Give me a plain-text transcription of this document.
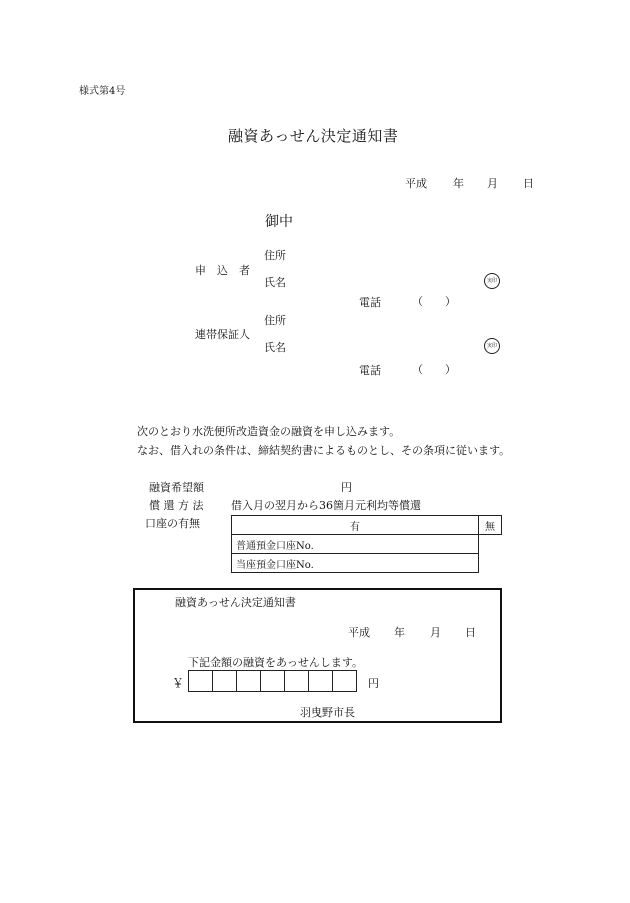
様式第4号
融資あっせん決定通知書
平成 年 月 日
御中
申　込　者
住所
氏名	実印
電話	（　　）
連帯保証人
住所
氏名	実印
電話	（　　）
次のとおり水洗便所改造資金の融資を申し込みます。
なお、借入れの条件は、締結契約書によるものとし、その条項に従います。
融資希望額	円
償 還 方 法	借入月の翌月から36箇月元利均等償還
口座の有無	有	無
普通預金口座No.	
当座預金口座No.	
融資あっせん決定通知書
平成 年 月 日
下記金額の融資をあっせんします。
￥	円
羽曳野市長
